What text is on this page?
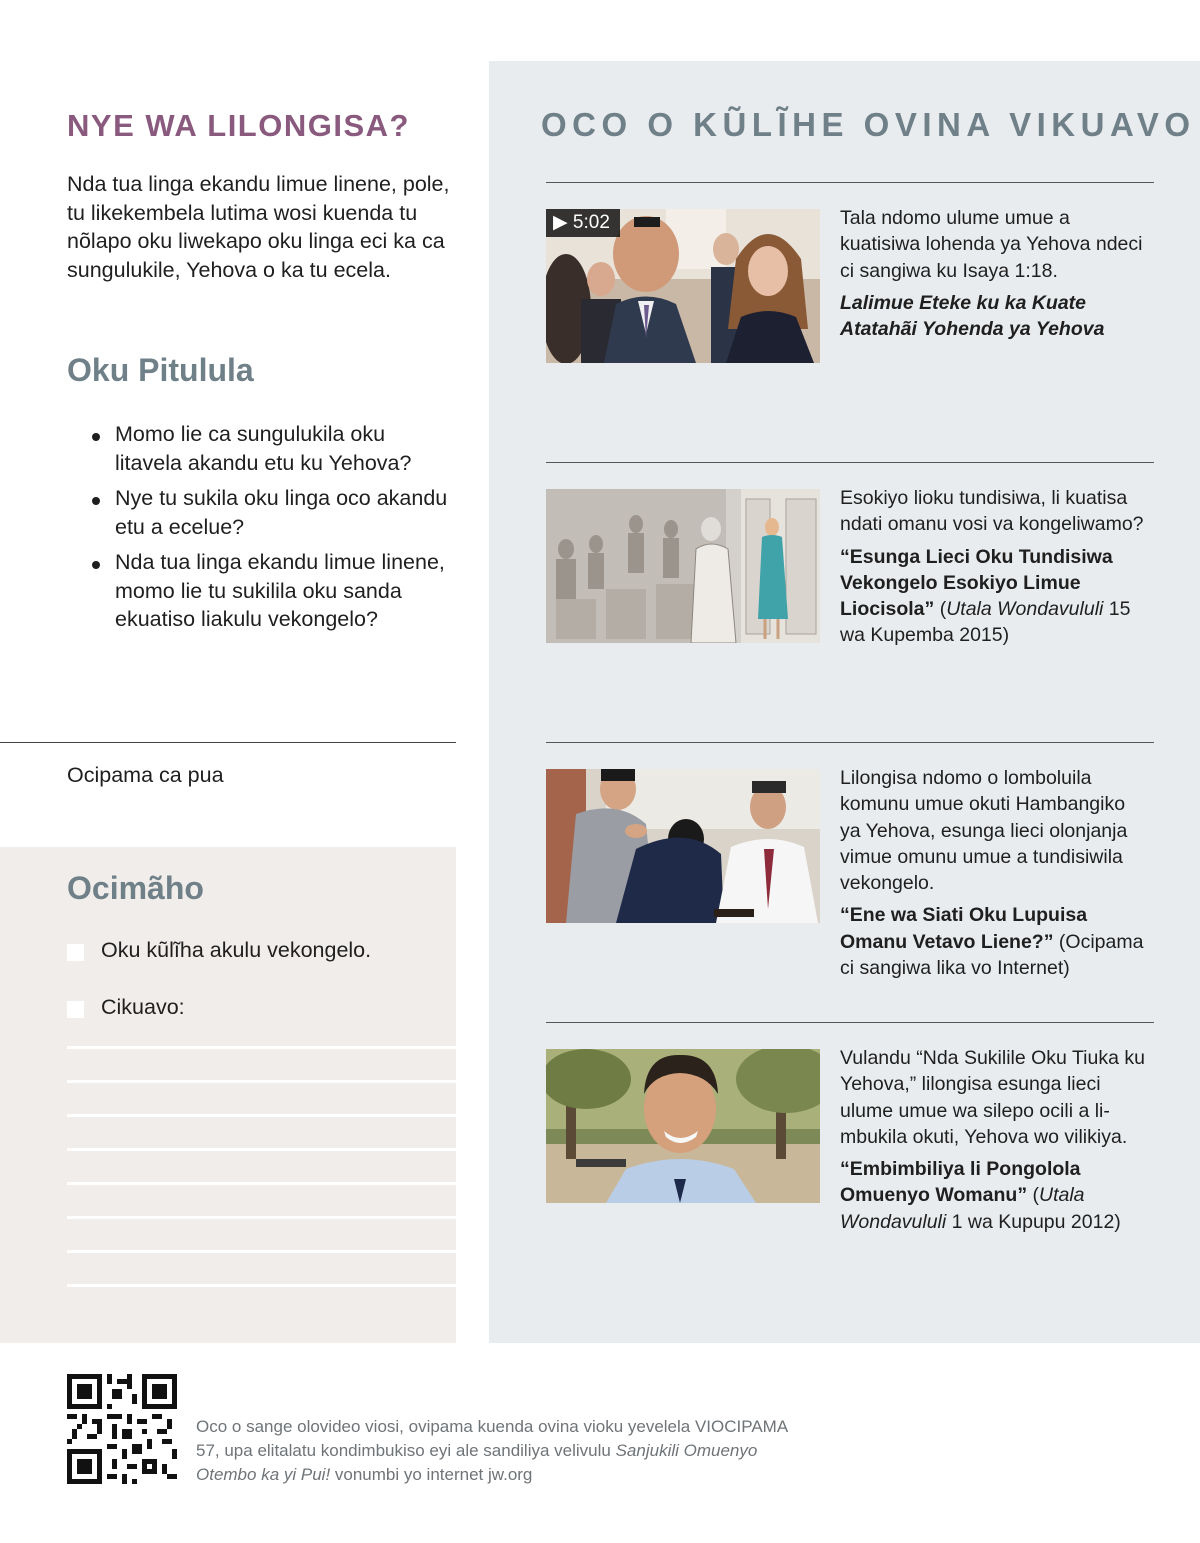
NYE WA LILONGISA?

Nda tua linga ekandu limue linene, pole, tu likekembela lutima wosi kuenda tu nõlapo oku liwekapo oku linga eci ka ca sungulukile, Yehova o ka tu ecela.

Oku Pitulula
Momo lie ca sungulukila oku litavela akandu etu ku Yehova?
Nye tu sukila oku linga oco akandu etu a ecelue?
Nda tua linga ekandu limue linene, momo lie tu sukilila oku sanda ekuatiso liakulu vekongelo?
Ocipama ca pua
Ocimãho
Oku kũlĩha akulu vekongelo.
Cikuavo:
OCO O KŨLĨHE OVINA VIKUAVO
▶ 5:02	Tala ndomo ulume umue a kuatisiwa lohenda ya Yehova ndeci ci sangiwa ku Isaya 1:18.
Lalimue Eteke ku ka Kuate Atatahãi Yohenda ya Yehova
Esokiyo lioku tundisiwa, li kuatisa ndati omanu vosi va kongeliwamo?
“Esunga Lieci Oku Tundisiwa Vekongelo Esokiyo Limue Liocisola” (Utala Wondavululi 15 wa Kupemba 2015)
Lilongisa ndomo o lomboluila komunu umue okuti Hambangiko ya Yehova, esunga lieci olonjanja vimue omunu umue a tundisiwila vekongelo.
“Ene wa Siati Oku Lupuisa Omanu Vetavo Liene?” (Ocipama ci sangiwa lika vo Internet)
Vulandu “Nda Sukilile Oku Tiuka ku Yehova,” lilongisa esunga lieci ulume umue wa silepo ocili a limbukila okuti, Yehova wo vilikiya.
“Embimbiliya li Pongolola Omuenyo Womanu” (Utala Wondavululi 1 wa Kupupu 2012)

Oco o sange olovideo viosi, ovipama kuenda ovina vioku yevelela VIOCIPAMA 57, upa elitalatu kondimbukiso eyi ale sandiliya velivulu Sanjukili Omuenyo Otembo ka yi Pui! vonumbi yo internet jw.org
